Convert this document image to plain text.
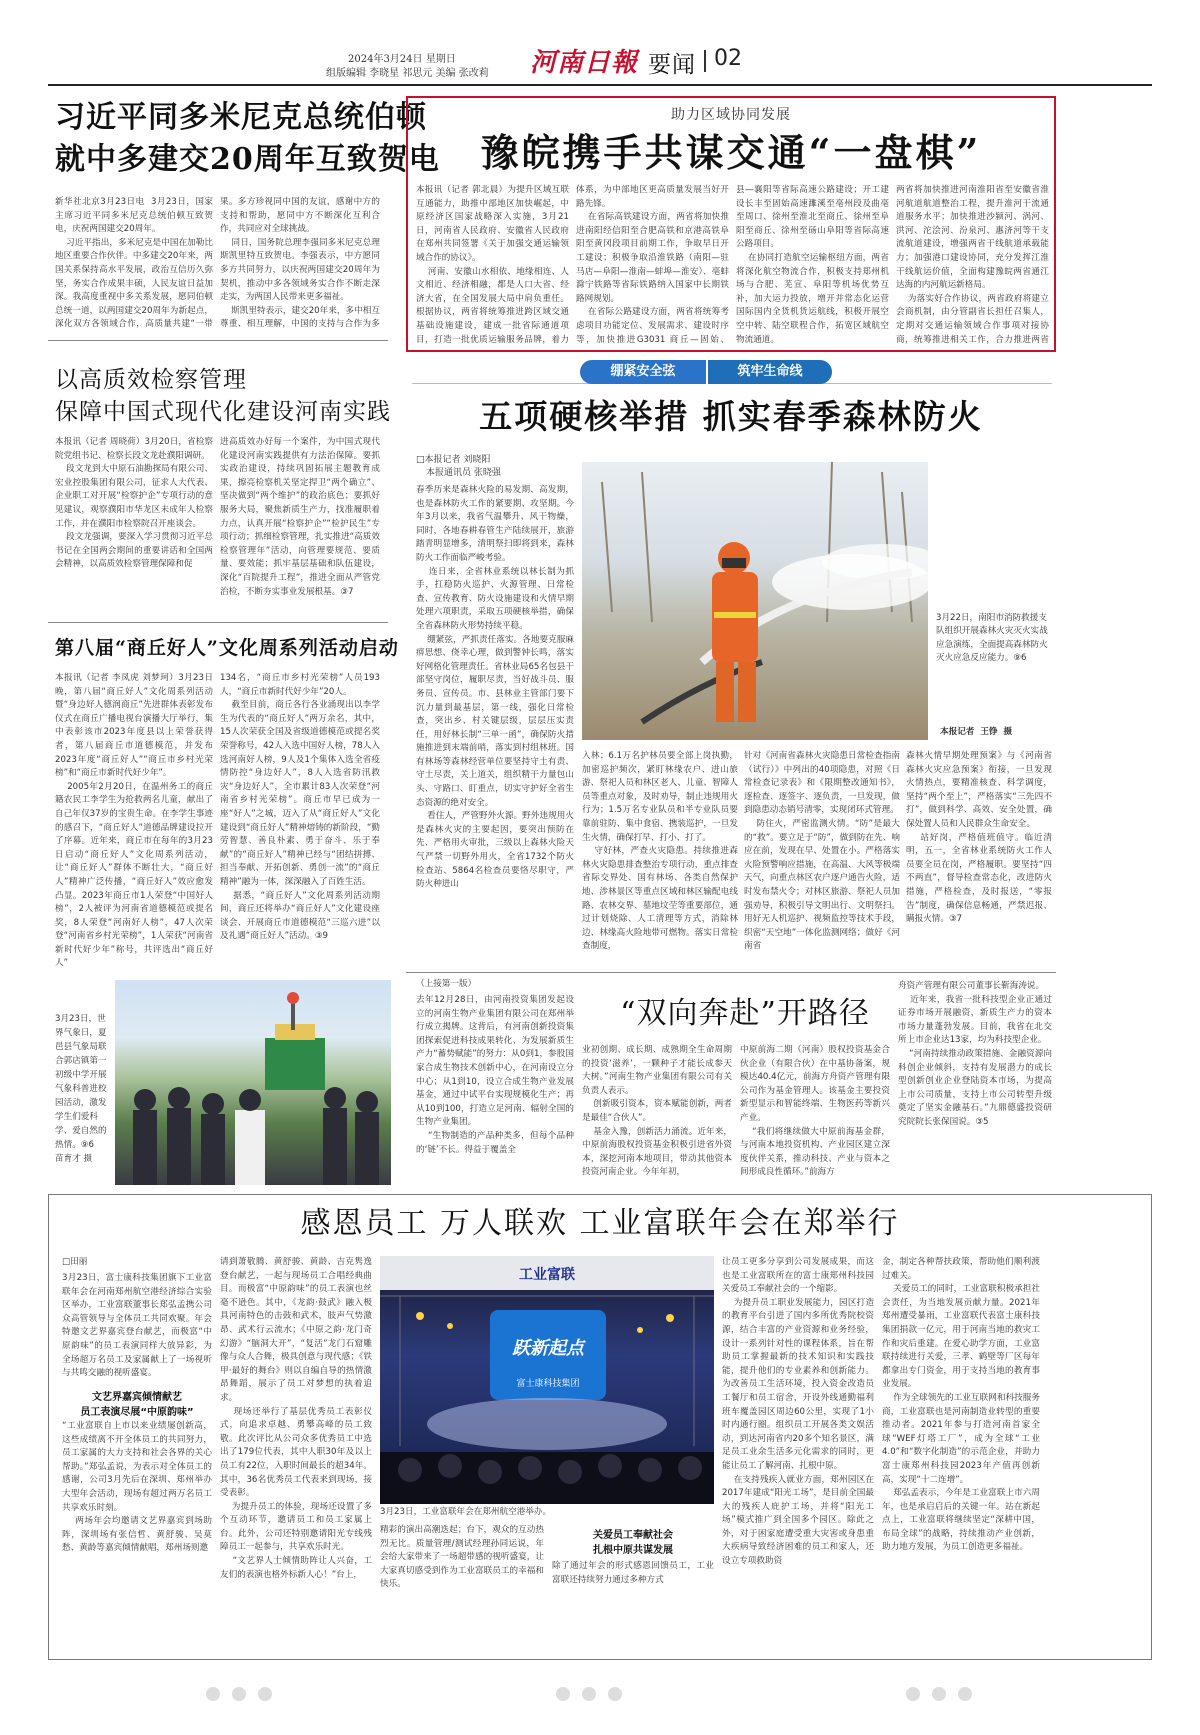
2024年3月24日 星期日
组版编辑 李晓星 祁思元 美编 张改莉 河南日報 要闻 02
习近平同多米尼克总统伯顿
就中多建交20周年互致贺电
新华社北京3月23日电  3月23日，国家主席习近平同多米尼克总统伯顿互致贺电，庆祝两国建交20周年。
习近平指出，多米尼克是中国在加勒比地区重要合作伙伴。中多建交20年来，两国关系保持高水平发展，政治互信历久弥坚，务实合作成果丰硕，人民友谊日益加深。我高度重视中多关系发展，愿同伯顿总统一道，以两国建交20周年为新起点，深化双方各领域合作，高质量共建“一带

果。多方珍视同中国的友谊，感谢中方的支持和帮助，愿同中方不断深化互利合作，共同应对全球挑战。
同日，国务院总理李强同多米尼克总理斯凯里特互致贺电。李强表示，中方愿同多方共同努力，以庆祝两国建交20周年为契机，推动中多各领域务实合作不断走深走实，为两国人民带来更多福祉。
斯凯里特表示，建交20年来，多中相互尊重、相互理解，中国的支持与合作为多
助力区域协同发展
豫皖携手共谋交通“一盘棋”
本报讯（记者 郭北晨）为提升区域互联互通能力，助推中部地区加快崛起，中原经济区国家战略深入实施，3月21日，河南省人民政府、安徽省人民政府在郑州共同签署《关于加强交通运输领域合作的协议》。
河南、安徽山水相依、地缘相连、人文相近、经济相融，都是人口大省、经济大省，在全国发展大局中肩负重任。根据协议，两省将统筹推进跨区域交通基础设施建设，建成一批省际通道项目，打造一批优质运输服务品牌，着力
体系，为中部地区更高质量发展当好开路先锋。
在省际高铁建设方面，两省将加快推进南阳经信阳至合肥高铁和京港高铁阜阳至黄冈段项目前期工作，争取早日开工建设；积极争取沿淮铁路（南阳—驻马店—阜阳—淮南—蚌埠—淮安）、亳蚌滁宁铁路等省际铁路纳入国家中长期铁路网规划。
在省际公路建设方面，两省将统筹考虑项目功能定位、发展需求、建设时序等，加快推进G3031 商丘—固始、
县—襄阳等省际高速公路建设；开工建设长丰至固始高速濉溪至亳州段及曲亳至周口、徐州至淮北至商丘、徐州至阜阳至商丘、徐州至砀山阜阳等省际高速公路项目。
在协同打造航空运输枢纽方面，两省将深化航空物流合作，积极支持郑州机场与合肥、芜宣、阜阳等机场优势互补，加大运力投放，增开并常态化运营国际国内全货机货运航线，积极开展空空中转、陆空联程合作，拓宽区域航空物流通道。

两省将加快推进河南淮阳省至安徽省淮河航道航道整治工程，提升淮河干流通道服务水平；加快推进沙颍河、涡河、洪河、沱浍河、汾泉河、惠济河等干支流航道建设，增强两省干线航道承载能力；加强港口建设协同，充分发挥江淮干线航运价值，全面构建豫皖两省通江达海的内河航运新格局。
为落实好合作协议，两省政府将建立会商机制，由分管副省长担任召集人，定期对交通运输领域合作事项对接协商，统筹推进相关工作，合力推进两省
以高质效检察管理
保障中国式现代化建设河南实践
本报讯（记者 周晓荷）3月20日，省检察院党组书记、检察长段文龙赴濮阳调研。
段文龙到大中原石油勘探局有限公司、宏业控股集团有限公司，征求人大代表、企业职工对开展“检察护企”专项行动的意见建议，观察濮阳市华龙区未成年人检察工作，并在濮阳市检察院召开座谈会。
段文龙强调，要深入学习贯彻习近平总书记在全国两会期间的重要讲话和全国两会精神，以高质效检察管理保障和促
进高质效办好每一个案件，为中国式现代化建设河南实践提供有力法治保障。要抓实政治建设，持续巩固拓展主题教育成果，擦亮检察机关坚定捍卫“两个确立”、坚决做到“两个维护”的政治底色；要抓好服务大局，聚焦新质生产力，找准履职着力点，认真开展“检察护企”“检护民生”专项行动；抓细检察管理，扎实推进“高质效检察管理年”活动，向管理要规范、要质量、要效能；抓牢基层基础和队伍建设，深化“百院提升工程”，推进全面从严管党治检，不断夯实事业发展根基。③7
第八届“商丘好人”文化周系列活动启动
本报讯（记者 李凤虎 刘梦珂）3月23日晚，第八届“商丘好人”文化周系列活动暨“身边好人德润商丘”先进群体表彰发布仪式在商丘广播电视台演播大厅举行，集中表彰该市2023年度县以上荣誉获得者，第八届商丘市道德模范，并发布2023年度“商丘好人”“商丘市乡村光荣榜”和“商丘市新时代好少年”。
2005年2月20日，在温州务工的商丘籍农民工李学生为抢救两名儿童，献出了自己年仅37岁的宝贵生命。在李学生事迹的感召下，“商丘好人”道德品牌建设拉开了序幕。近年来，商丘市在每年的3月23日启动“商丘好人”文化周系列活动，让“商丘好人”群体不断壮大，“商丘好人”精神广泛传播，“商丘好人”效应愈发凸显。2023年商丘市1人荣登“中国好人榜”，2人被评为河南省道德模范或提名奖，8人荣登“河南好人榜”，47人次荣登“河南省乡村光荣榜”，1人荣获“河南省新时代好少年”称号，共评选出“商丘好人”
134名，“商丘市乡村光荣榜”人员193人，“商丘市新时代好少年”20人。
截至目前，商丘各行各业涌现出以李学生为代表的“商丘好人”两万余名，其中，15人次荣获全国及省级道德模范或提名奖荣誉称号，42人入选中国好人榜，78人入选河南好人榜，9人及1个集体入选全省疫情防控“身边好人”，8人入选省防汛救灾“身边好人”，全市累计83人次荣登“河南省乡村光荣榜”。商丘市早已成为一座“好人”之城，迈入了从“商丘好人”文化建设到“商丘好人”精神熔铸的新阶段，“勤劳智慧、善良朴素、勇于奋斗、乐于奉献”的“商丘好人”精神已经与“团结拼搏、担当奉献、开拓创新、勇创一流”的“商丘精神”融为一体，深深融入了百姓生活。
据悉，“商丘好人”文化周系列活动期间，商丘还将举办“商丘好人”文化建设座谈会、开展商丘市道德模范“三巡六进”以及礼遇“商丘好人”活动。③9
3月23日，世界气象日，夏邑县气象局联合郭店镇第一初级中学开展气象科普进校园活动，激发学生们爱科学、爱自然的热情。⑨6
苗育才 摄
绷紧安全弦	筑牢生命线
五项硬核举措 抓实春季森林防火
□本报记者 刘晓阳
本报通讯员 张晓强
春季历来是森林火险的易发期、高发期，也是森林防火工作的紧要期、攻坚期。今年3月以来，我省气温攀升、风干物燥，同时，各地春耕春管生产陆续展开，旅游踏青明显增多，清明祭扫即将到来，森林防火工作面临严峻考验。
连日来，全省林业系统以林长制为抓手，扛稳防火巡护、火源管理、日常检查、宣传教育、防火设施建设和火情早期处理六项职责，采取五项硬核举措，确保全省森林防火形势持续平稳。
绷紧弦，严抓责任落实。各地要克服麻痹思想、侥幸心理，做到警钟长鸣，落实好网格化管理责任。省林业局65名包县干部坚守岗位，履职尽责，当好战斗员、服务员、宣传员。市、县林业主管部门要下沉力量到最基层，第一线，强化日常检查，突出乡、村关键层级，层层压实责任，用好林长制“三单一函”，确保防火措施推进到末端前哨，落实到村组林班。国有林场等森林经营单位要坚持守土有责、守土尽责，关上道关，组织精干力量包山头、守路口、盯重点，切实守护好全省生态资源的绝对安全。
看住人，严管野外火源。野外违规用火是森林火灾的主要起因，要突出预防在先、严格用火审批，三级以上森林火险天气严禁一切野外用火，全省1732个防火检查站、5864名检查员要恪尽职守，严防火种进山
3月22日，南阳市消防救援支队组织开展森林火灾灭火实战应急演练，全面提高森林防火灭火应急反应能力。⑨6
本报记者  王铮  摄
入林；6.1万名护林员要全部上岗执勤，加密巡护频次，紧盯林缘农户、进山旅游、祭祀人员和林区老人、儿童、智障人员等重点对象，及时劝导，制止违规用火行为；1.5万名专业队员和半专业队员要靠前驻防、集中食宿、携装巡护，一旦发生火情，确保打早、打小、打了。
守好林，严查火灾隐患。持续推进森林火灾隐患排查整治专项行动，重点排查省际交界处、国有林场、各类自然保护地、涉林景区等重点区域和林区输配电线路、农林交界、墓地坟茔等重要部位，通过计划烧除、人工清理等方式，消除林边、林缘高火险地带可燃物。落实日常检查制度，
针对《河南省森林火灾隐患日常检查指南（试行）》中列出的40项隐患，对照《日常检查记录表》和《限期整改通知书》，逐检查、逐签字、逐负责，一旦发现，做到隐患动态销号清零，实现闭环式管理。
防住火，严密监测火情。“防”是最大的“救”。要立足于“防”，做到防在先、响应在前，发现在早、处置在小。严格落实火险预警响应措施，在高温、大风等极端天气，向重点林区农户逐户通告火险，适时发布禁火令；对林区旅游、祭祀人员加强劝导，积极引导文明出行、文明祭扫。用好无人机巡护、视频监控等技术手段，织密“天空地”一体化监测网络；做好《河南省
森林火情早期处理预案》与《河南省森林火灾应急预案》衔接，一旦发现火情热点，要精准核查、科学调度，坚持“两个至上”，严格落实“三先四不打”，做到科学、高效、安全处置，确保处置人员和人民群众生命安全。
站好岗，严格值班值守。临近清明，五一，全省林业系统防火工作人员要全员在岗，严格履职。要坚持“四不两直”，督导检查常态化，改进防火措施，严格检查，及时报送，“零报告”制度，确保信息畅通，严禁迟报、瞒报火情。③7
（上接第一版）
“双向奔赴”开路径
去年12月28日，由河南投资集团发起设立的河南生物产业集团有限公司在郑州举行成立揭牌。这背后，有河南创新投资集团探索促进科技成果转化、为发展新质生产力“蓄势赋能”的努力：从0到1，参股国家合成生物技术创新中心，在河南设立分中心；从1到10，设立合成生物产业发展基金，通过中试平台实现规模化生产；再从10到100，打造立足河南、辐射全国的生物产业集团。
“生物制造的产品种类多，但每个品种的‘链’不长。得益于覆盖全
业初创期、成长期、成熟期全生命周期的投资‘滋养’，一颗种子才能长成参天大树。”河南生物产业集团有限公司有关负责人表示。
创新吸引资本，资本赋能创新，两者是最佳“合伙人”。
基金入豫，创新活力涌流。近年来，中原前海股权投资基金积极引进省外资本，深挖河南本地项目，带动其他资本投资河南企业。今年年初，
中原前海二期（河南）股权投资基金合伙企业（有限合伙）在中基协备案，规模达40.4亿元，前海方舟资产管理有限公司作为基金管理人。该基金主要投资新型显示和智能终端、生物医药等新兴产业。
“我们将继续做大中原前海基金群，与河南本地投资机构、产业园区建立深度伙伴关系，推动科技、产业与资本之间形成良性循环。”前海方
舟资产管理有限公司董事长靳海涛说。
近年来，我省一批科技型企业正通过证券市场开展融资，新质生产力的资本市场力量蓬勃发展。目前，我省在北交所上市企业达13家，均为科技型企业。
“河南持续推动政策措施、金融资源向科创企业倾斜，支持有发展潜力的成长型创新创业企业登陆资本市场，为提高上市公司质量，支持上市公司转型升级奠定了坚实金融基石。”九鼎德盛投资研究院院长张保国说。③5
感恩员工 万人联欢 工业富联年会在郑举行
□田丽
3月23日，富士康科技集团旗下工业富联年会在河南郑州航空港经济综合实验区举办，工业富联董事长郑弘孟携公司众高管领导与全体员工共同欢聚。年会特邀文艺界嘉宾登台献艺，而极富“中原韵味”的员工表演同样大放异彩，为全场超万名员工及家属献上了一场视听与共鸣交融的视听盛宴。
文艺界嘉宾倾情献艺
员工表演尽展“中原韵味”
“工业富联自上市以来业绩屡创新高，这些成绩离不开全体员工的共同努力，员工家属的大力支持和社会各界的关心帮助。”郑弘孟说，为表示对全体员工的感谢，公司3月先后在深圳、郑州举办大型年会活动，现场有超过两万名员工共享欢乐时刻。
两场年会均邀请文艺界嘉宾到场助阵，深圳场有张信哲、黄舒骏、吴莫愁、黄龄等嘉宾倾情献唱，郑州场则邀
请到萧敬腾、黄舒骏、黄龄、吉克隽逸登台献艺，一起与现场员工合唱经典曲目。而极富“中原韵味”的员工表演也丝毫不逊色。其中，《龙韵·鼓武》融入极具河南特色的击鼓和武术，肢声气势激昂、武术行云流水；《中原之韵·龙门奇幻游》“脑洞大开”，“复活”龙门石窟雕像与众人合舞，极具创意与现代感；《铁甲·最好的舞台》则以自编自导的热情激昂舞蹈，展示了员工对梦想的执着追求。
现场还举行了基层优秀员工表彰仪式，向追求卓越、勇攀高峰的员工致敬。此次评比从公司众多优秀员工中选出了179位代表，其中人职30年及以上员工有22位，入职时间最长的超34年。其中，36名优秀员工代表来到现场，接受表彰。
为提升员工的体验，现场还设置了多个互动环节，邀请员工和员工家属上台。此外，公司还特别邀请阳光专线残障员工一起参与，共享欢乐时光。
“文艺界人士倾情助阵让人兴奋，工友们的表演也格外标新人心！”台上，
工业富联
跃新起点
富士康科技集团
3月23日，工业富联年会在郑州航空港举办。
精彩的演出高潮迭起；台下，观众的互动热烈无比。质量管理/测试经理孙同运说，年会给大家带来了一场超带感的视听盛宴，让大家真切感受到作为工业富联员工的幸福和快乐。
关爱员工奉献社会
扎根中原共谋发展
除了通过年会的形式感恩回馈员工，工业富联还持续努力通过多种方式
让员工更多分享到公司发展成果，而这也是工业富联所在的富士康郑州科技园关爱员工奉献社会的一个缩影。
为提升员工职业发展能力，园区打造的教育平台引进了国内多所优秀院校资源，结合丰富的产业资源和业务经验，设计一系列针对性的课程体系，旨在帮助员工掌握最新的技术知识和实践技能，提升他们的专业素养和创新能力。为改善员工生活环境，投入资金改造员工餐厅和员工宿舍，开设外线通勤福利班车覆盖园区周边60公里，实现了1小时内通行圈。组织员工开展各类文娱活动，到达河南省内20多个知名景区，满足员工业余生活多元化需求的同时，更能让员工了解河南、扎根中原。
在支持残疾人就业方面，郑州园区在2017年建成“阳光工场”，是目前全国最大的残疾人庇护工场，并将“阳光工场”模式推广到全国多个园区。除此之外，对于困家庭遭受重大灾害或身患重大疾病导致经济困难的员工和家人，还设立专项救助资
金，制定各种帮扶政策，帮助他们顺利渡过难关。
关爱员工的同时，工业富联积极承担社会责任，为当地发展贡献力量。2021年郑州遭受暴雨，工业富联代表富士康科技集团捐款一亿元，用于河南当地的救灾工作和灾后重建。在爱心助学方面，工业富联持续进行关爱，三孝、鹤壁等厂区每年都拿出专门资金，用于支持当地的教育事业发展。
作为全球领先的工业互联网和科技服务商，工业富联也是河南制造业转型的重要推动者。2021年参与打造河南首家全球“WEF灯塔工厂”，成为全球“工业4.0”和“数字化制造”的示范企业，并助力富士康郑州科技园2023年产值再创新高，实现“十二连增”。
郑弘孟表示，今年是工业富联上市六周年，也是承启启后的关键一年。站在新起点上，工业富联将继续坚定“深耕中国，布局全球”的战略，持续推动产业创新，助力地方发展，为员工创造更多福祉。
